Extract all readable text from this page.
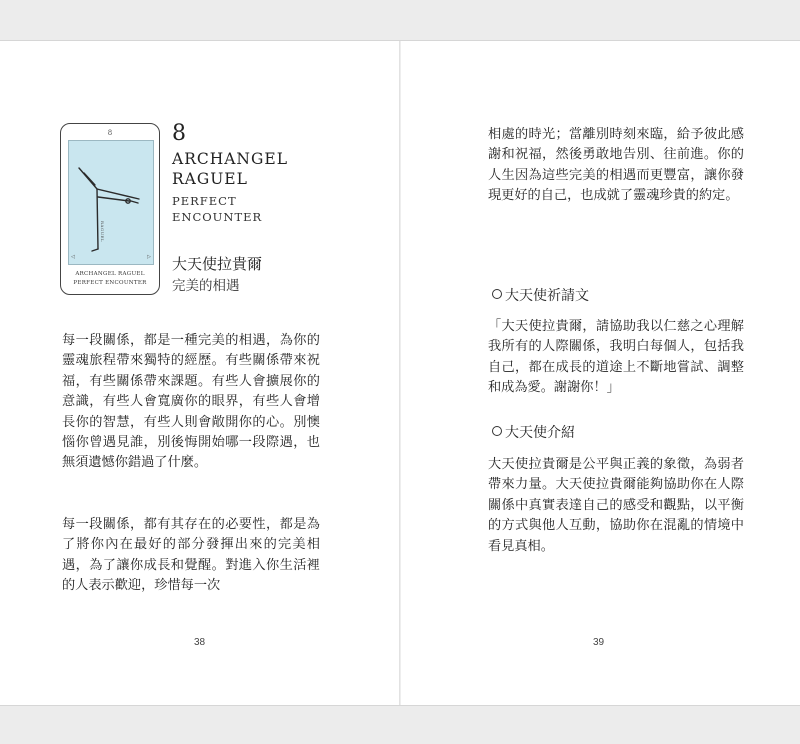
8
RAGUEL
◁	▷
ARCHANGEL RAGUEL
PERFECT ENCOUNTER
8
ARCHANGEL
RAGUEL
PERFECT
ENCOUNTER
大天使拉貴爾
完美的相遇

每一段關係，都是一種完美的相遇，為你的靈魂旅程帶來獨特的經歷。有些關係帶來祝福，有些關係帶來課題。有些人會擴展你的意識，有些人會寬廣你的眼界，有些人會增長你的智慧，有些人則會敞開你的心。別懊惱你曾遇見誰，別後悔開始哪一段際遇，也無須遺憾你錯過了什麼。

每一段關係，都有其存在的必要性，都是為了將你內在最好的部分發揮出來的完美相遇，為了讓你成長和覺醒。對進入你生活裡的人表示歡迎，珍惜每一次

38

相處的時光；當離別時刻來臨，給予彼此感謝和祝福，然後勇敢地告別、往前進。你的人生因為這些完美的相遇而更豐富，讓你發現更好的自己，也成就了靈魂珍貴的約定。

大天使祈請文

「大天使拉貴爾，請協助我以仁慈之心理解我所有的人際關係，我明白每個人，包括我自己，都在成長的道途上不斷地嘗試、調整和成為愛。謝謝你！」

大天使介紹

大天使拉貴爾是公平與正義的象徵，為弱者帶來力量。大天使拉貴爾能夠協助你在人際關係中真實表達自己的感受和觀點，以平衡的方式與他人互動，協助你在混亂的情境中看見真相。

39
